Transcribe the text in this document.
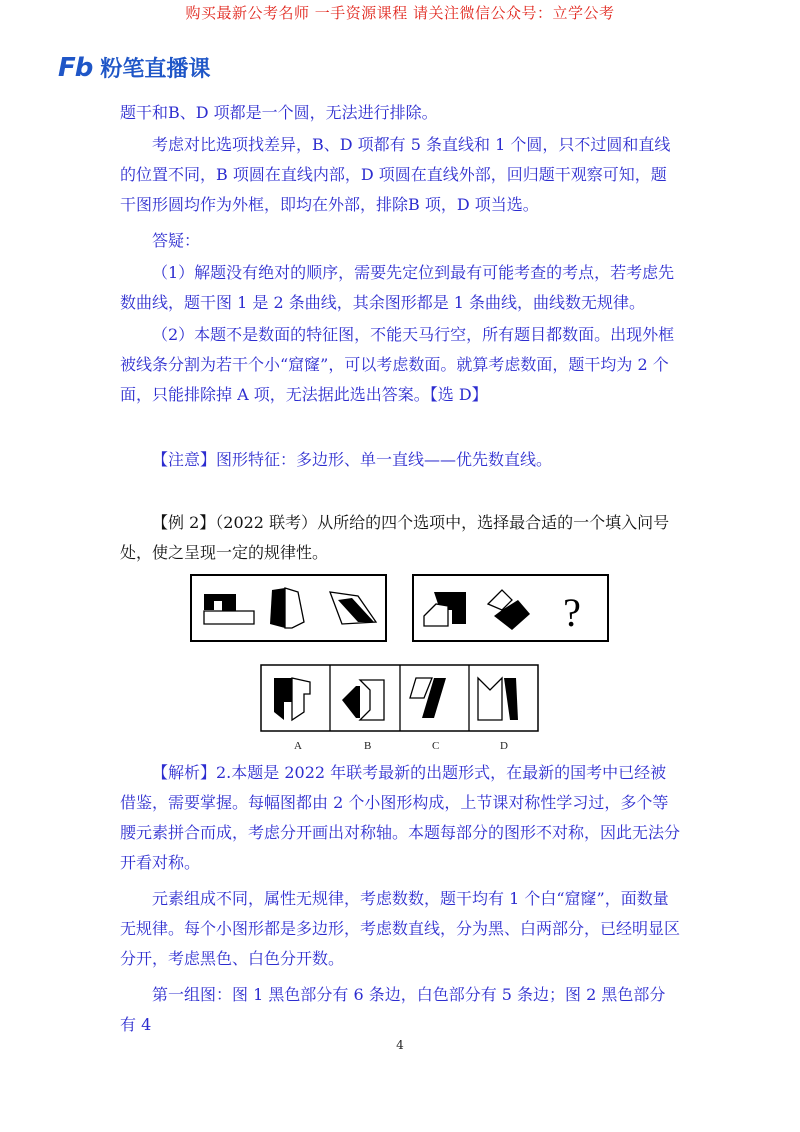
购买最新公考名师 一手资源课程 请关注微信公众号：立学公考
Fb 粉笔直播课
题干和B、D 项都是一个圆，无法进行排除。
考虑对比选项找差异，B、D 项都有 5 条直线和 1 个圆，只不过圆和直线的位置不同，B 项圆在直线内部，D 项圆在直线外部，回归题干观察可知，题干图形圆均作为外框，即均在外部，排除B 项，D 项当选。
答疑：
（1）解题没有绝对的顺序，需要先定位到最有可能考查的考点，若考虑先数曲线，题干图 1 是 2 条曲线，其余图形都是 1 条曲线，曲线数无规律。
（2）本题不是数面的特征图，不能天马行空，所有题目都数面。出现外框被线条分割为若干个小“窟窿”，可以考虑数面。就算考虑数面，题干均为 2 个面，只能排除掉 A 项，无法据此选出答案。【选 D】
【注意】图形特征：多边形、单一直线——优先数直线。
【例 2】（2022 联考）从所给的四个选项中，选择最合适的一个填入问号处，使之呈现一定的规律性。
?
A	B	C	D
【解析】2.本题是 2022 年联考最新的出题形式，在最新的国考中已经被借鉴，需要掌握。每幅图都由 2 个小图形构成，上节课对称性学习过，多个等腰元素拼合而成，考虑分开画出对称轴。本题每部分的图形不对称，因此无法分开看对称。
元素组成不同，属性无规律，考虑数数，题干均有 1 个白“窟窿”，面数量无规律。每个小图形都是多边形，考虑数直线，分为黑、白两部分，已经明显区分开，考虑黑色、白色分开数。
第一组图：图 1 黑色部分有 6 条边，白色部分有 5 条边；图 2 黑色部分有 4
4
